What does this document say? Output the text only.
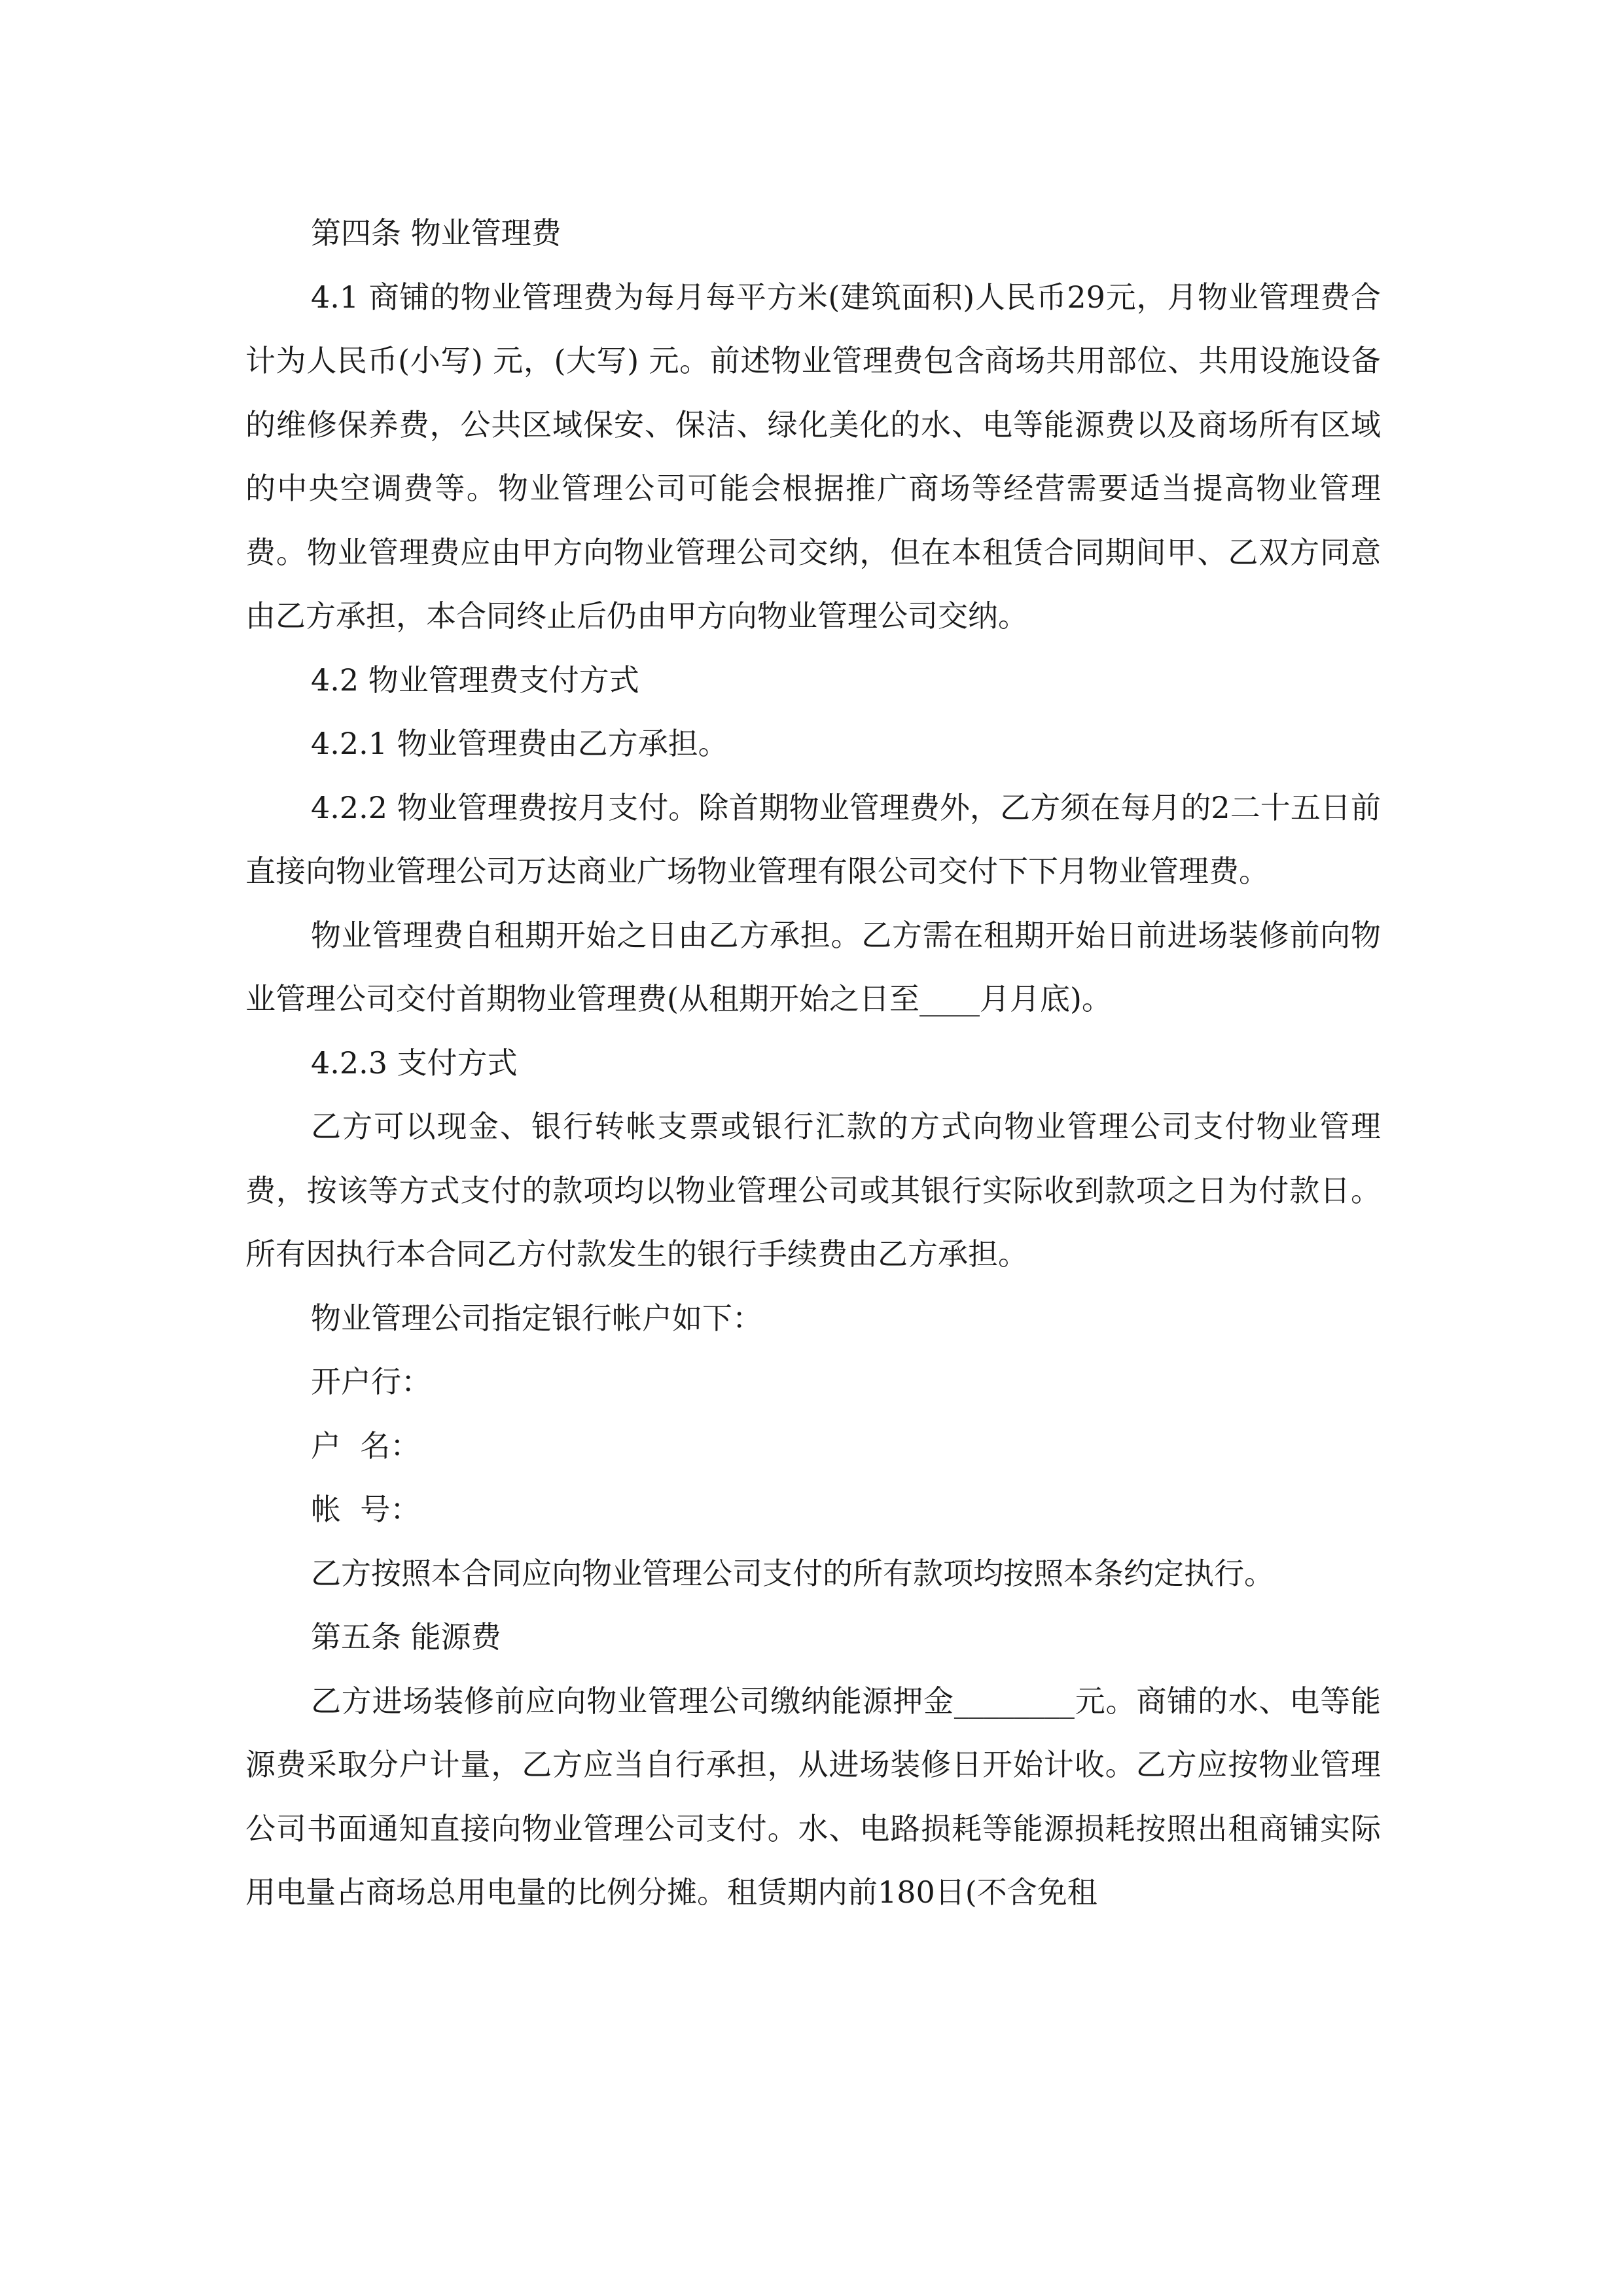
第四条 物业管理费

4.1 商铺的物业管理费为每月每平方米(建筑面积)人民币29元，月物业管理费合计为人民币(小写) 元，(大写) 元。前述物业管理费包含商场共用部位、共用设施设备的维修保养费，公共区域保安、保洁、绿化美化的水、电等能源费以及商场所有区域的中央空调费等。物业管理公司可能会根据推广商场等经营需要适当提高物业管理费。物业管理费应由甲方向物业管理公司交纳，但在本租赁合同期间甲、乙双方同意由乙方承担，本合同终止后仍由甲方向物业管理公司交纳。

4.2 物业管理费支付方式

4.2.1 物业管理费由乙方承担。

4.2.2 物业管理费按月支付。除首期物业管理费外，乙方须在每月的2二十五日前直接向物业管理公司万达商业广场物业管理有限公司交付下下月物业管理费。

物业管理费自租期开始之日由乙方承担。乙方需在租期开始日前进场装修前向物业管理公司交付首期物业管理费(从租期开始之日至____月月底)。

4.2.3 支付方式

乙方可以现金、银行转帐支票或银行汇款的方式向物业管理公司支付物业管理费，按该等方式支付的款项均以物业管理公司或其银行实际收到款项之日为付款日。所有因执行本合同乙方付款发生的银行手续费由乙方承担。

物业管理公司指定银行帐户如下：

开户行：

户  名：

帐  号：

乙方按照本合同应向物业管理公司支付的所有款项均按照本条约定执行。

第五条 能源费

乙方进场装修前应向物业管理公司缴纳能源押金________元。商铺的水、电等能源费采取分户计量，乙方应当自行承担，从进场装修日开始计收。乙方应按物业管理公司书面通知直接向物业管理公司支付。水、电路损耗等能源损耗按照出租商铺实际用电量占商场总用电量的比例分摊。租赁期内前180日(不含免租
